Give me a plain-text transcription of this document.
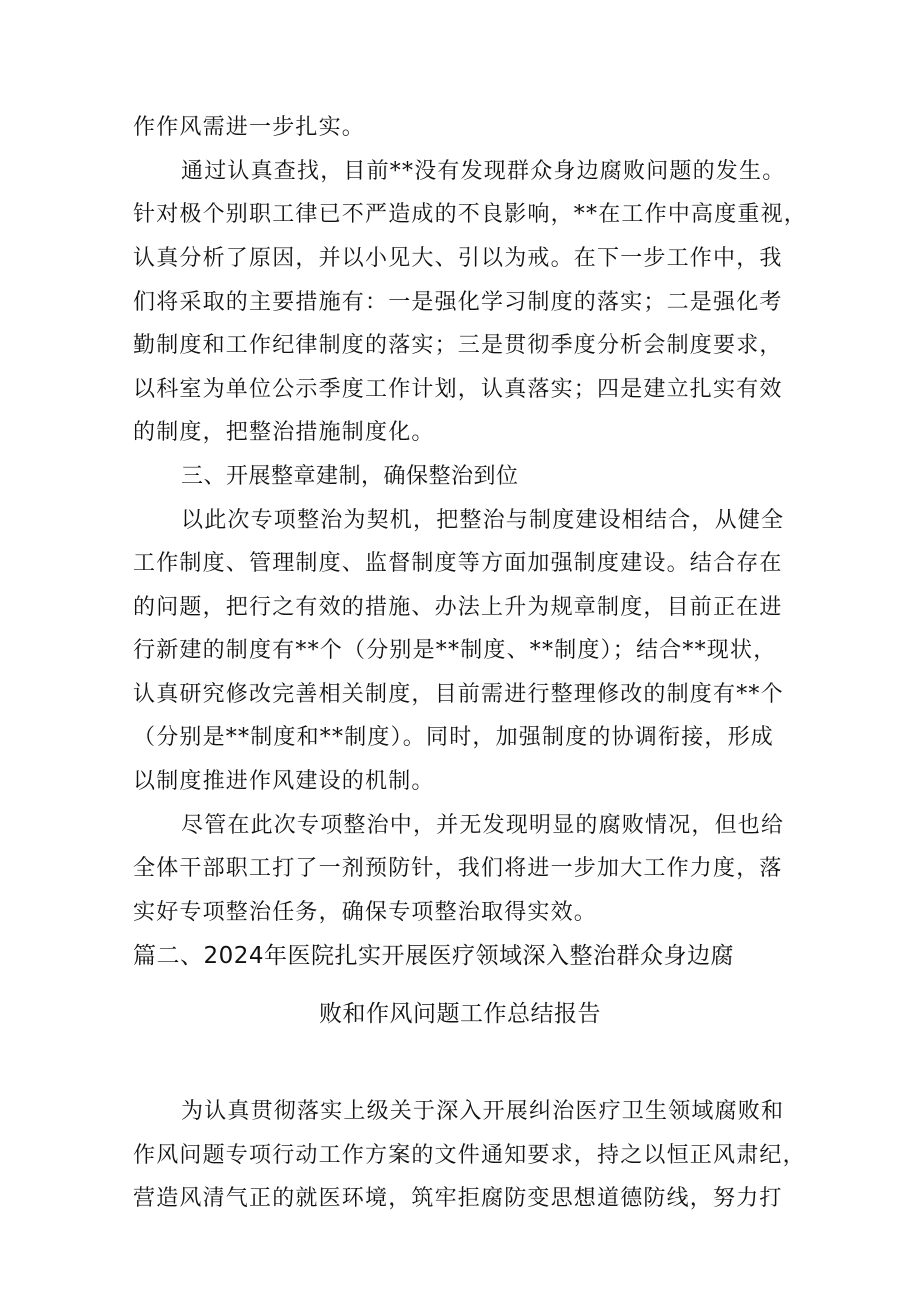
作作风需进一步扎实。
通过认真查找，目前**没有发现群众身边腐败问题的发生。
针对极个别职工律已不严造成的不良影响，**在工作中高度重视，
认真分析了原因，并以小见大、引以为戒。在下一步工作中，我
们将采取的主要措施有：一是强化学习制度的落实；二是强化考
勤制度和工作纪律制度的落实；三是贯彻季度分析会制度要求，
以科室为单位公示季度工作计划，认真落实；四是建立扎实有效
的制度，把整治措施制度化。
三、开展整章建制，确保整治到位
以此次专项整治为契机，把整治与制度建设相结合，从健全
工作制度、管理制度、监督制度等方面加强制度建设。结合存在
的问题，把行之有效的措施、办法上升为规章制度，目前正在进
行新建的制度有**个（分别是**制度、**制度）；结合**现状，
认真研究修改完善相关制度，目前需进行整理修改的制度有**个
（分别是**制度和**制度）。同时，加强制度的协调衔接，形成
以制度推进作风建设的机制。
尽管在此次专项整治中，并无发现明显的腐败情况，但也给
全体干部职工打了一剂预防针，我们将进一步加大工作力度，落
实好专项整治任务，确保专项整治取得实效。
篇二、2024年医院扎实开展医疗领域深入整治群众身边腐
败和作风问题工作总结报告
为认真贯彻落实上级关于深入开展纠治医疗卫生领域腐败和
作风问题专项行动工作方案的文件通知要求，持之以恒正风肃纪，
营造风清气正的就医环境，筑牢拒腐防变思想道德防线，努力打
